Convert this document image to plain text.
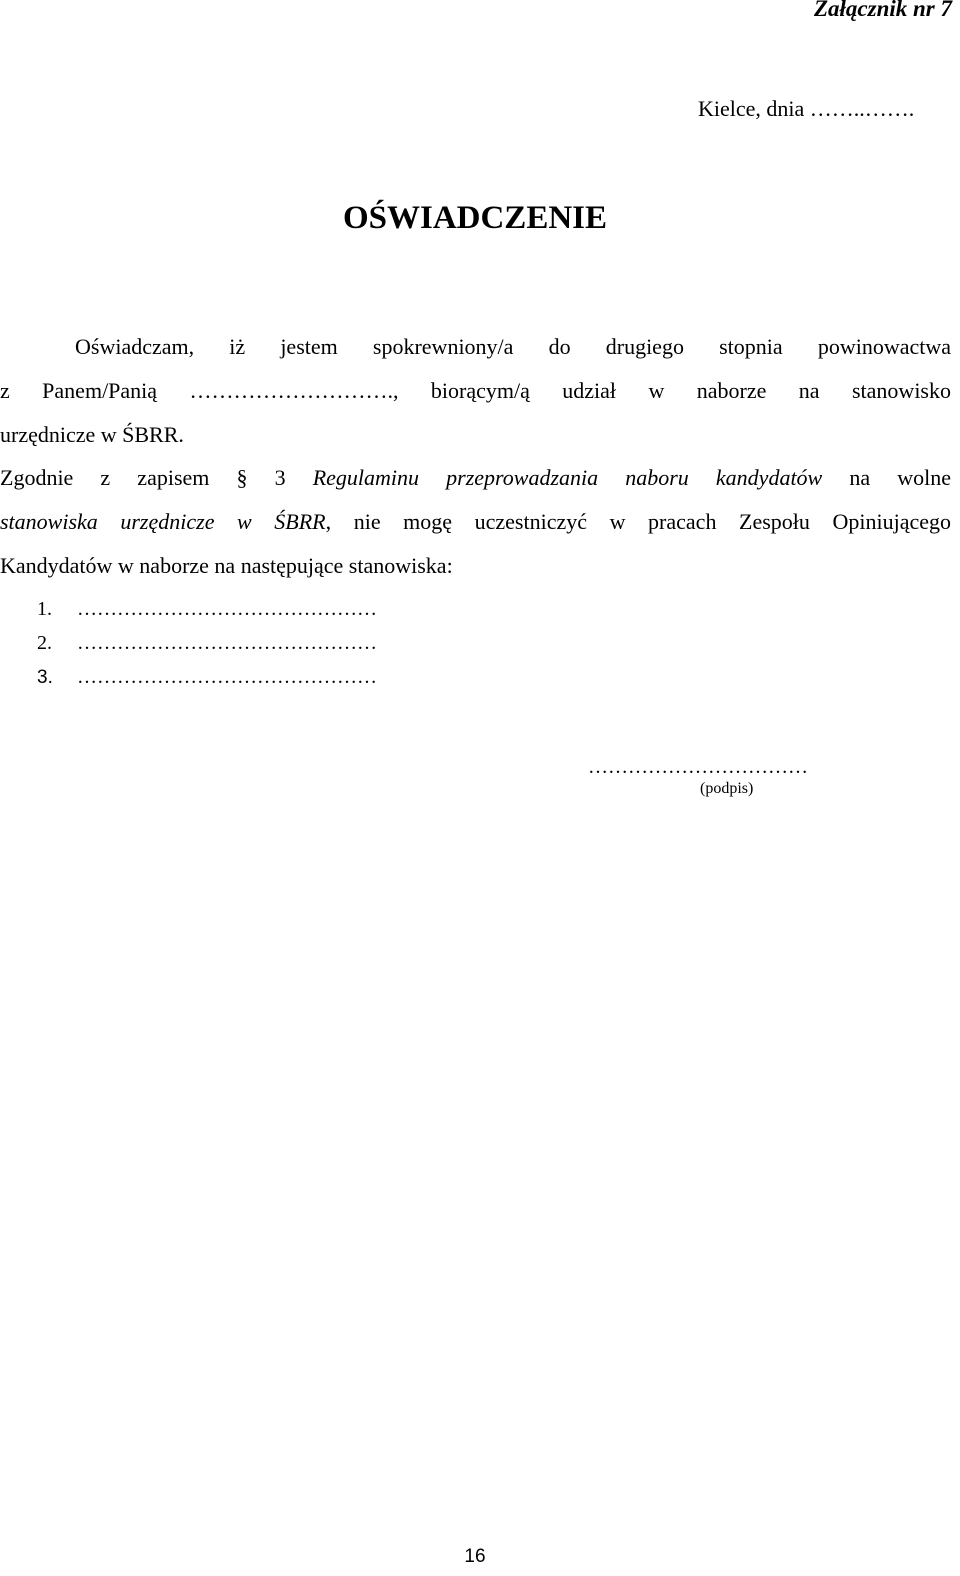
Załącznik nr 7
Kielce, dnia ……..…….
OŚWIADCZENIE
Oświadczam, iż jestem spokrewniony/a do drugiego stopnia powinowactwa
z Panem/Panią ………………………., biorącym/ą udział w naborze na stanowisko
urzędnicze w ŚBRR.
Zgodnie z zapisem § 3 Regulaminu przeprowadzania naboru kandydatów na wolne
stanowiska urzędnicze w ŚBRR, nie mogę uczestniczyć w pracach Zespołu Opiniującego
Kandydatów w naborze na następujące stanowiska:
1. ………………………………………
2. ………………………………………
3. ………………………………………
……………………………
(podpis)
16
